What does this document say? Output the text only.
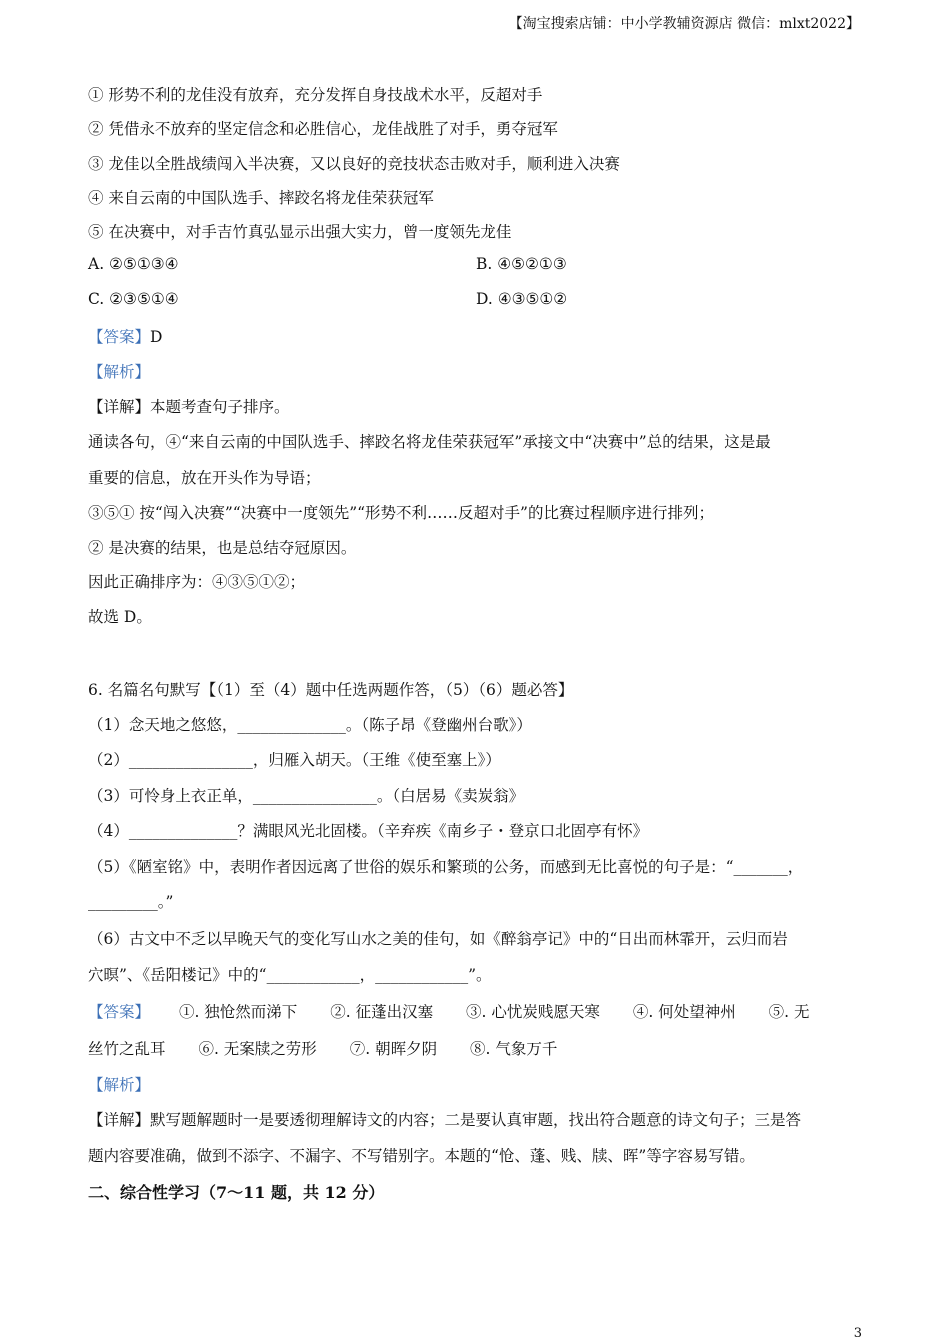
【淘宝搜索店铺：中小学教辅资源店 微信：mlxt2022】
① 形势不利的龙佳没有放弃，充分发挥自身技战术水平，反超对手
② 凭借永不放弃的坚定信念和必胜信心，龙佳战胜了对手，勇夺冠军
③ 龙佳以全胜战绩闯入半决赛，又以良好的竞技状态击败对手，顺利进入决赛
④ 来自云南的中国队选手、摔跤名将龙佳荣获冠军
⑤ 在决赛中，对手吉竹真弘显示出强大实力，曾一度领先龙佳
A. ②⑤①③④	B. ④⑤②①③
C. ②③⑤①④	D. ④③⑤①②
【答案】D
【解析】
【详解】本题考查句子排序。
通读各句，④“来自云南的中国队选手、摔跤名将龙佳荣获冠军”承接文中“决赛中”总的结果，这是最
重要的信息，放在开头作为导语；
③⑤① 按“闯入决赛”“决赛中一度领先”“形势不利……反超对手”的比赛过程顺序进行排列；
② 是决赛的结果，也是总结夺冠原因。
因此正确排序为：④③⑤①②；
故选 D。
6. 名篇名句默写【（1）至（4）题中任选两题作答，（5）（6）题必答】
（1）念天地之悠悠，______________。（陈子昂《登幽州台歌》）
（2）________________，归雁入胡天。（王维《使至塞上》）
（3）可怜身上衣正单，________________。（白居易《卖炭翁》
（4）______________？满眼风光北固楼。（辛弃疾《南乡子・登京口北固亭有怀》
（5）《陋室铭》中，表明作者因远离了世俗的娱乐和繁琐的公务，而感到无比喜悦的句子是：“_______，
_________。”
（6）古文中不乏以早晚天气的变化写山水之美的佳句，如《醉翁亭记》中的“日出而林霏开，云归而岩
穴暝”、《岳阳楼记》中的“____________，____________”。
【答案】 ①. 独怆然而涕下 ②. 征蓬出汉塞 ③. 心忧炭贱愿天寒 ④. 何处望神州 ⑤. 无
丝竹之乱耳 ⑥. 无案牍之劳形 ⑦. 朝晖夕阴 ⑧. 气象万千
【解析】
【详解】默写题解题时一是要透彻理解诗文的内容；二是要认真审题，找出符合题意的诗文句子；三是答
题内容要准确，做到不添字、不漏字、不写错别字。本题的“怆、蓬、贱、牍、晖”等字容易写错。
二、综合性学习（7～11 题，共 12 分）
3
